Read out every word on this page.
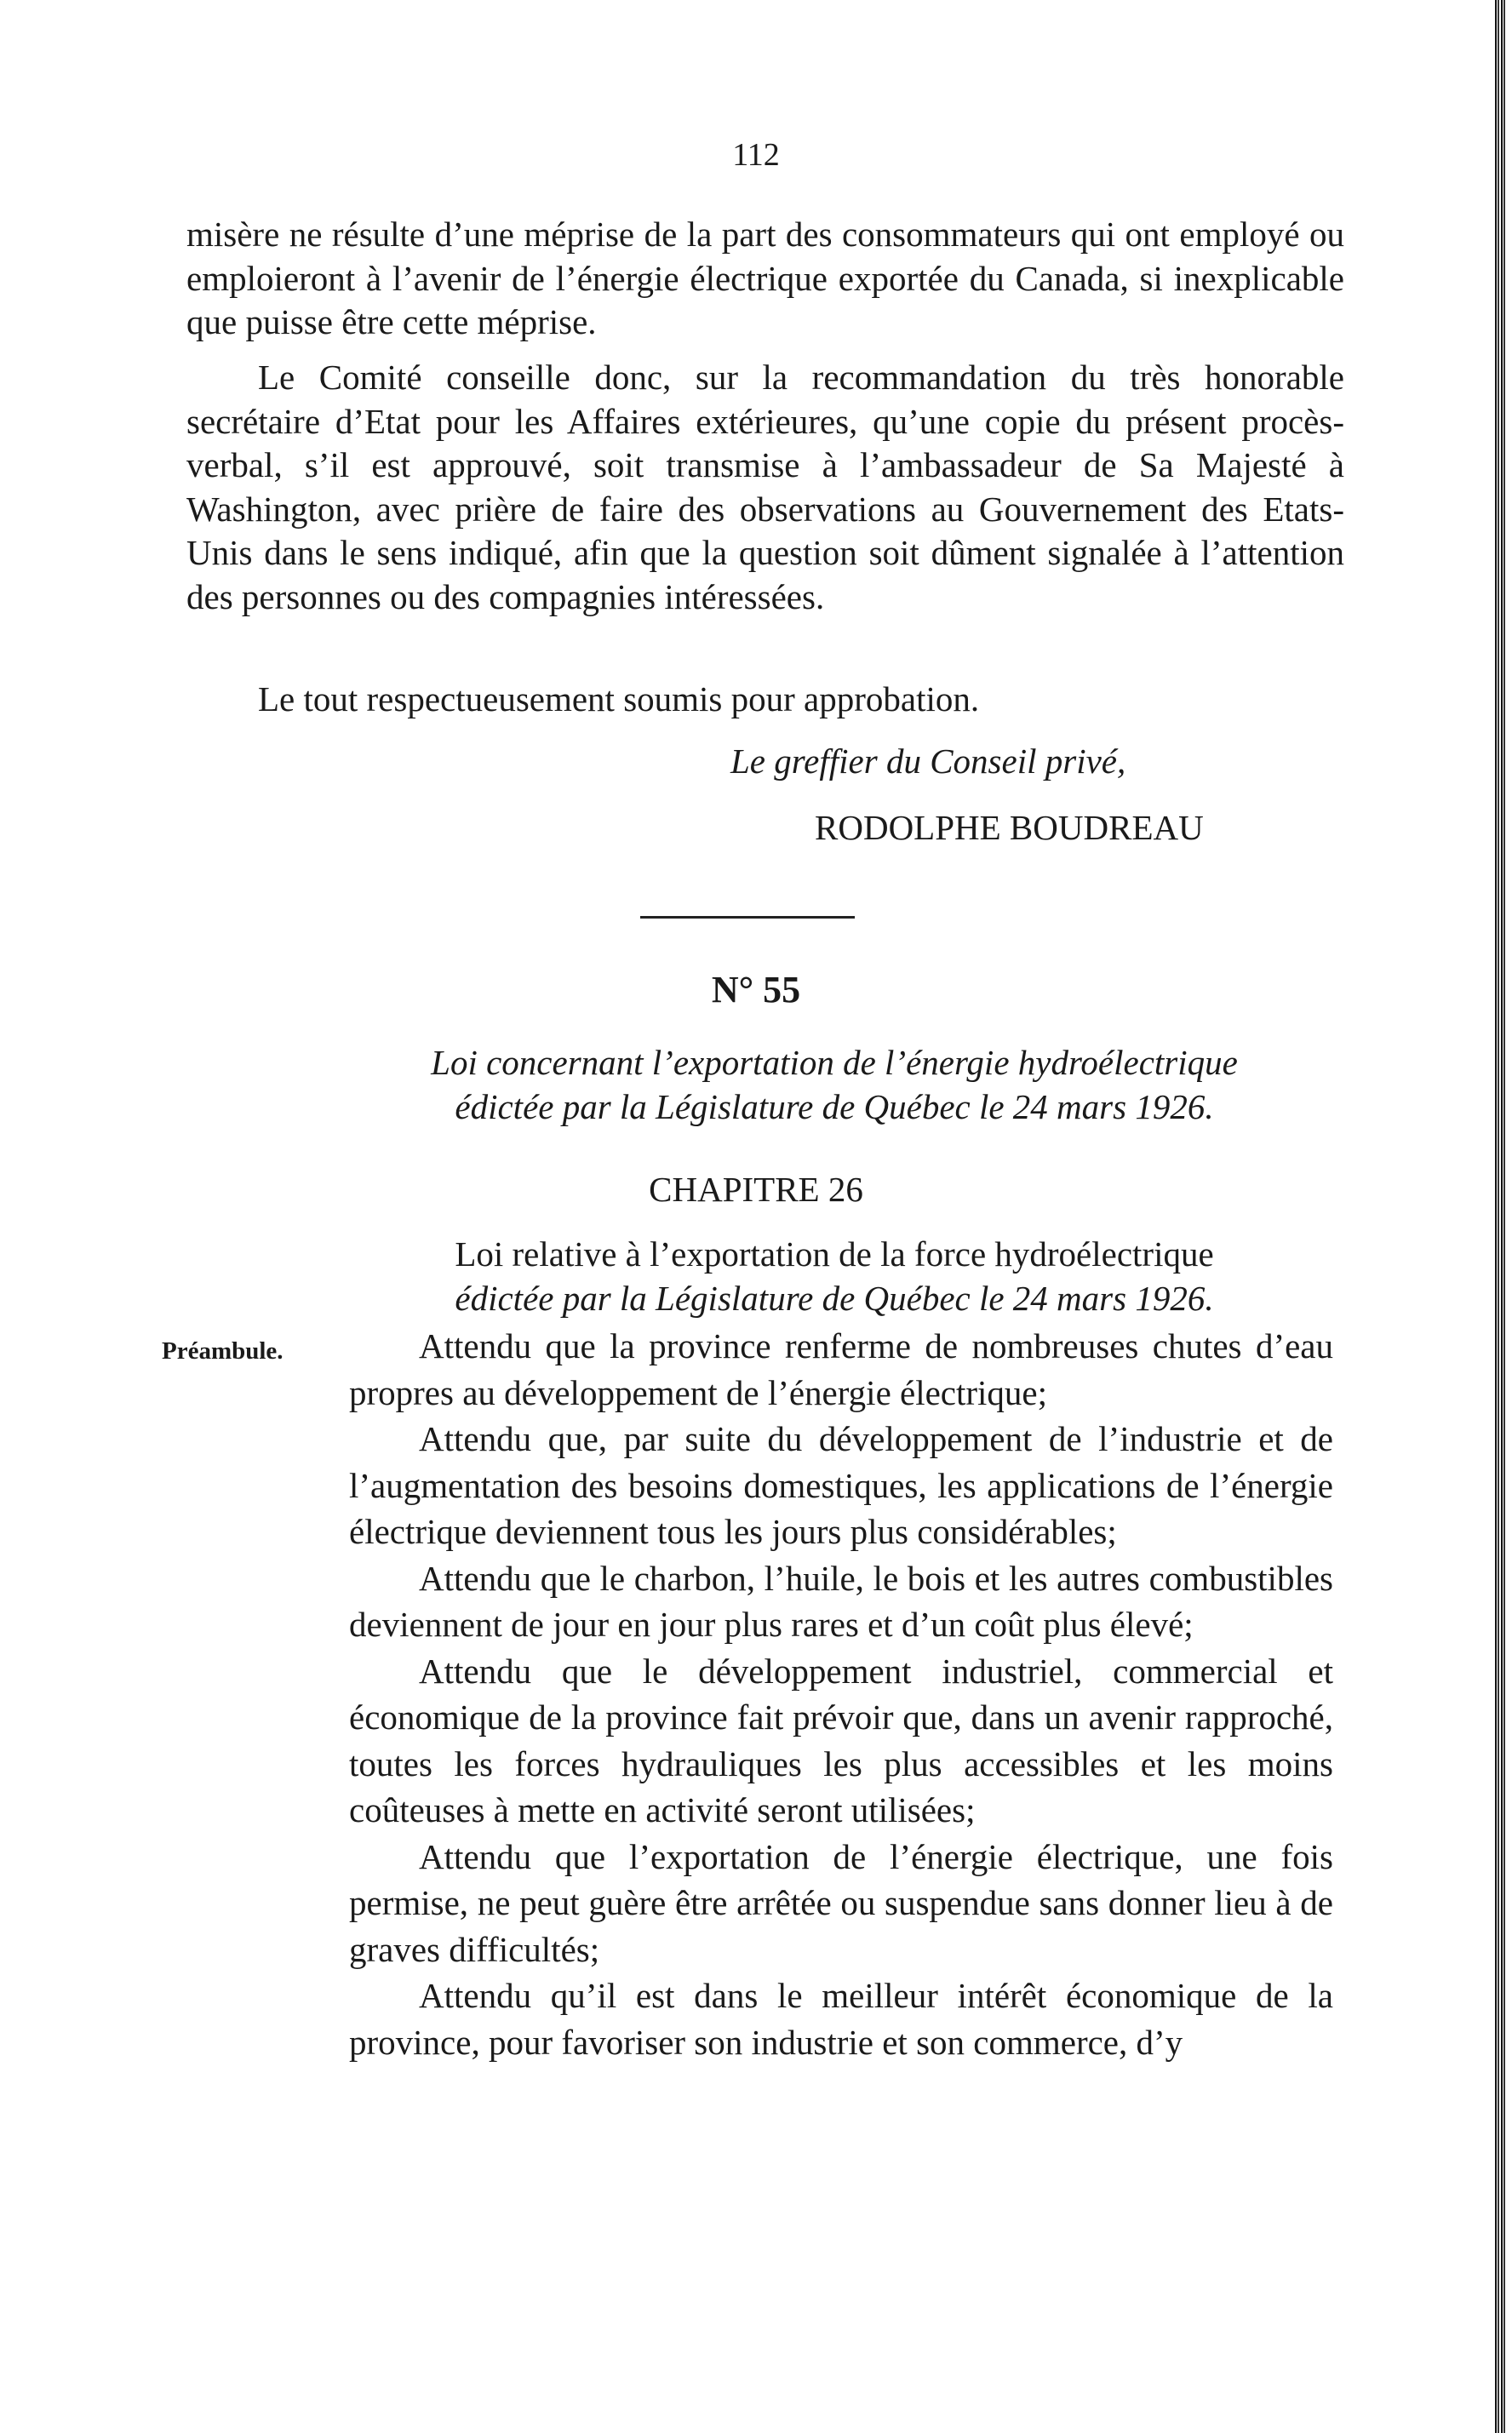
112

misère ne résulte d’une méprise de la part des consommateurs qui ont employé ou emploieront à l’avenir de l’énergie électrique exportée du Canada, si inexplicable que puisse être cette méprise.

Le Comité conseille donc, sur la recommandation du très honorable secrétaire d’Etat pour les Affaires extérieures, qu’une copie du présent procès-verbal, s’il est approuvé, soit transmise à l’ambassadeur de Sa Majesté à Washington, avec prière de faire des observations au Gouvernement des Etats-Unis dans le sens indiqué, afin que la question soit dûment signalée à l’attention des personnes ou des compagnies intéressées.

Le tout respectueusement soumis pour approbation.

Le greffier du Conseil privé,
RODOLPHE BOUDREAU
N° 55
Loi concernant l’exportation de l’énergie hydroélectrique
édictée par la Législature de Québec le 24 mars 1926.
CHAPITRE 26
Loi relative à l’exportation de la force hydroélectrique
édictée par la Législature de Québec le 24 mars 1926.
Préambule.	Attendu que la province renferme de nombreuses chutes d’eau propres au développement de l’énergie électrique;

Attendu que, par suite du développement de l’industrie et de l’augmentation des besoins domestiques, les applications de l’énergie électrique deviennent tous les jours plus considérables;

Attendu que le charbon, l’huile, le bois et les autres combustibles deviennent de jour en jour plus rares et d’un coût plus élevé;

Attendu que le développement industriel, commercial et économique de la province fait prévoir que, dans un avenir rapproché, toutes les forces hydrauliques les plus accessibles et les moins coûteuses à mette en activité seront utilisées;

Attendu que l’exportation de l’énergie électrique, une fois permise, ne peut guère être arrêtée ou suspendue sans donner lieu à de graves difficultés;

Attendu qu’il est dans le meilleur intérêt économique de la province, pour favoriser son industrie et son commerce, d’y
